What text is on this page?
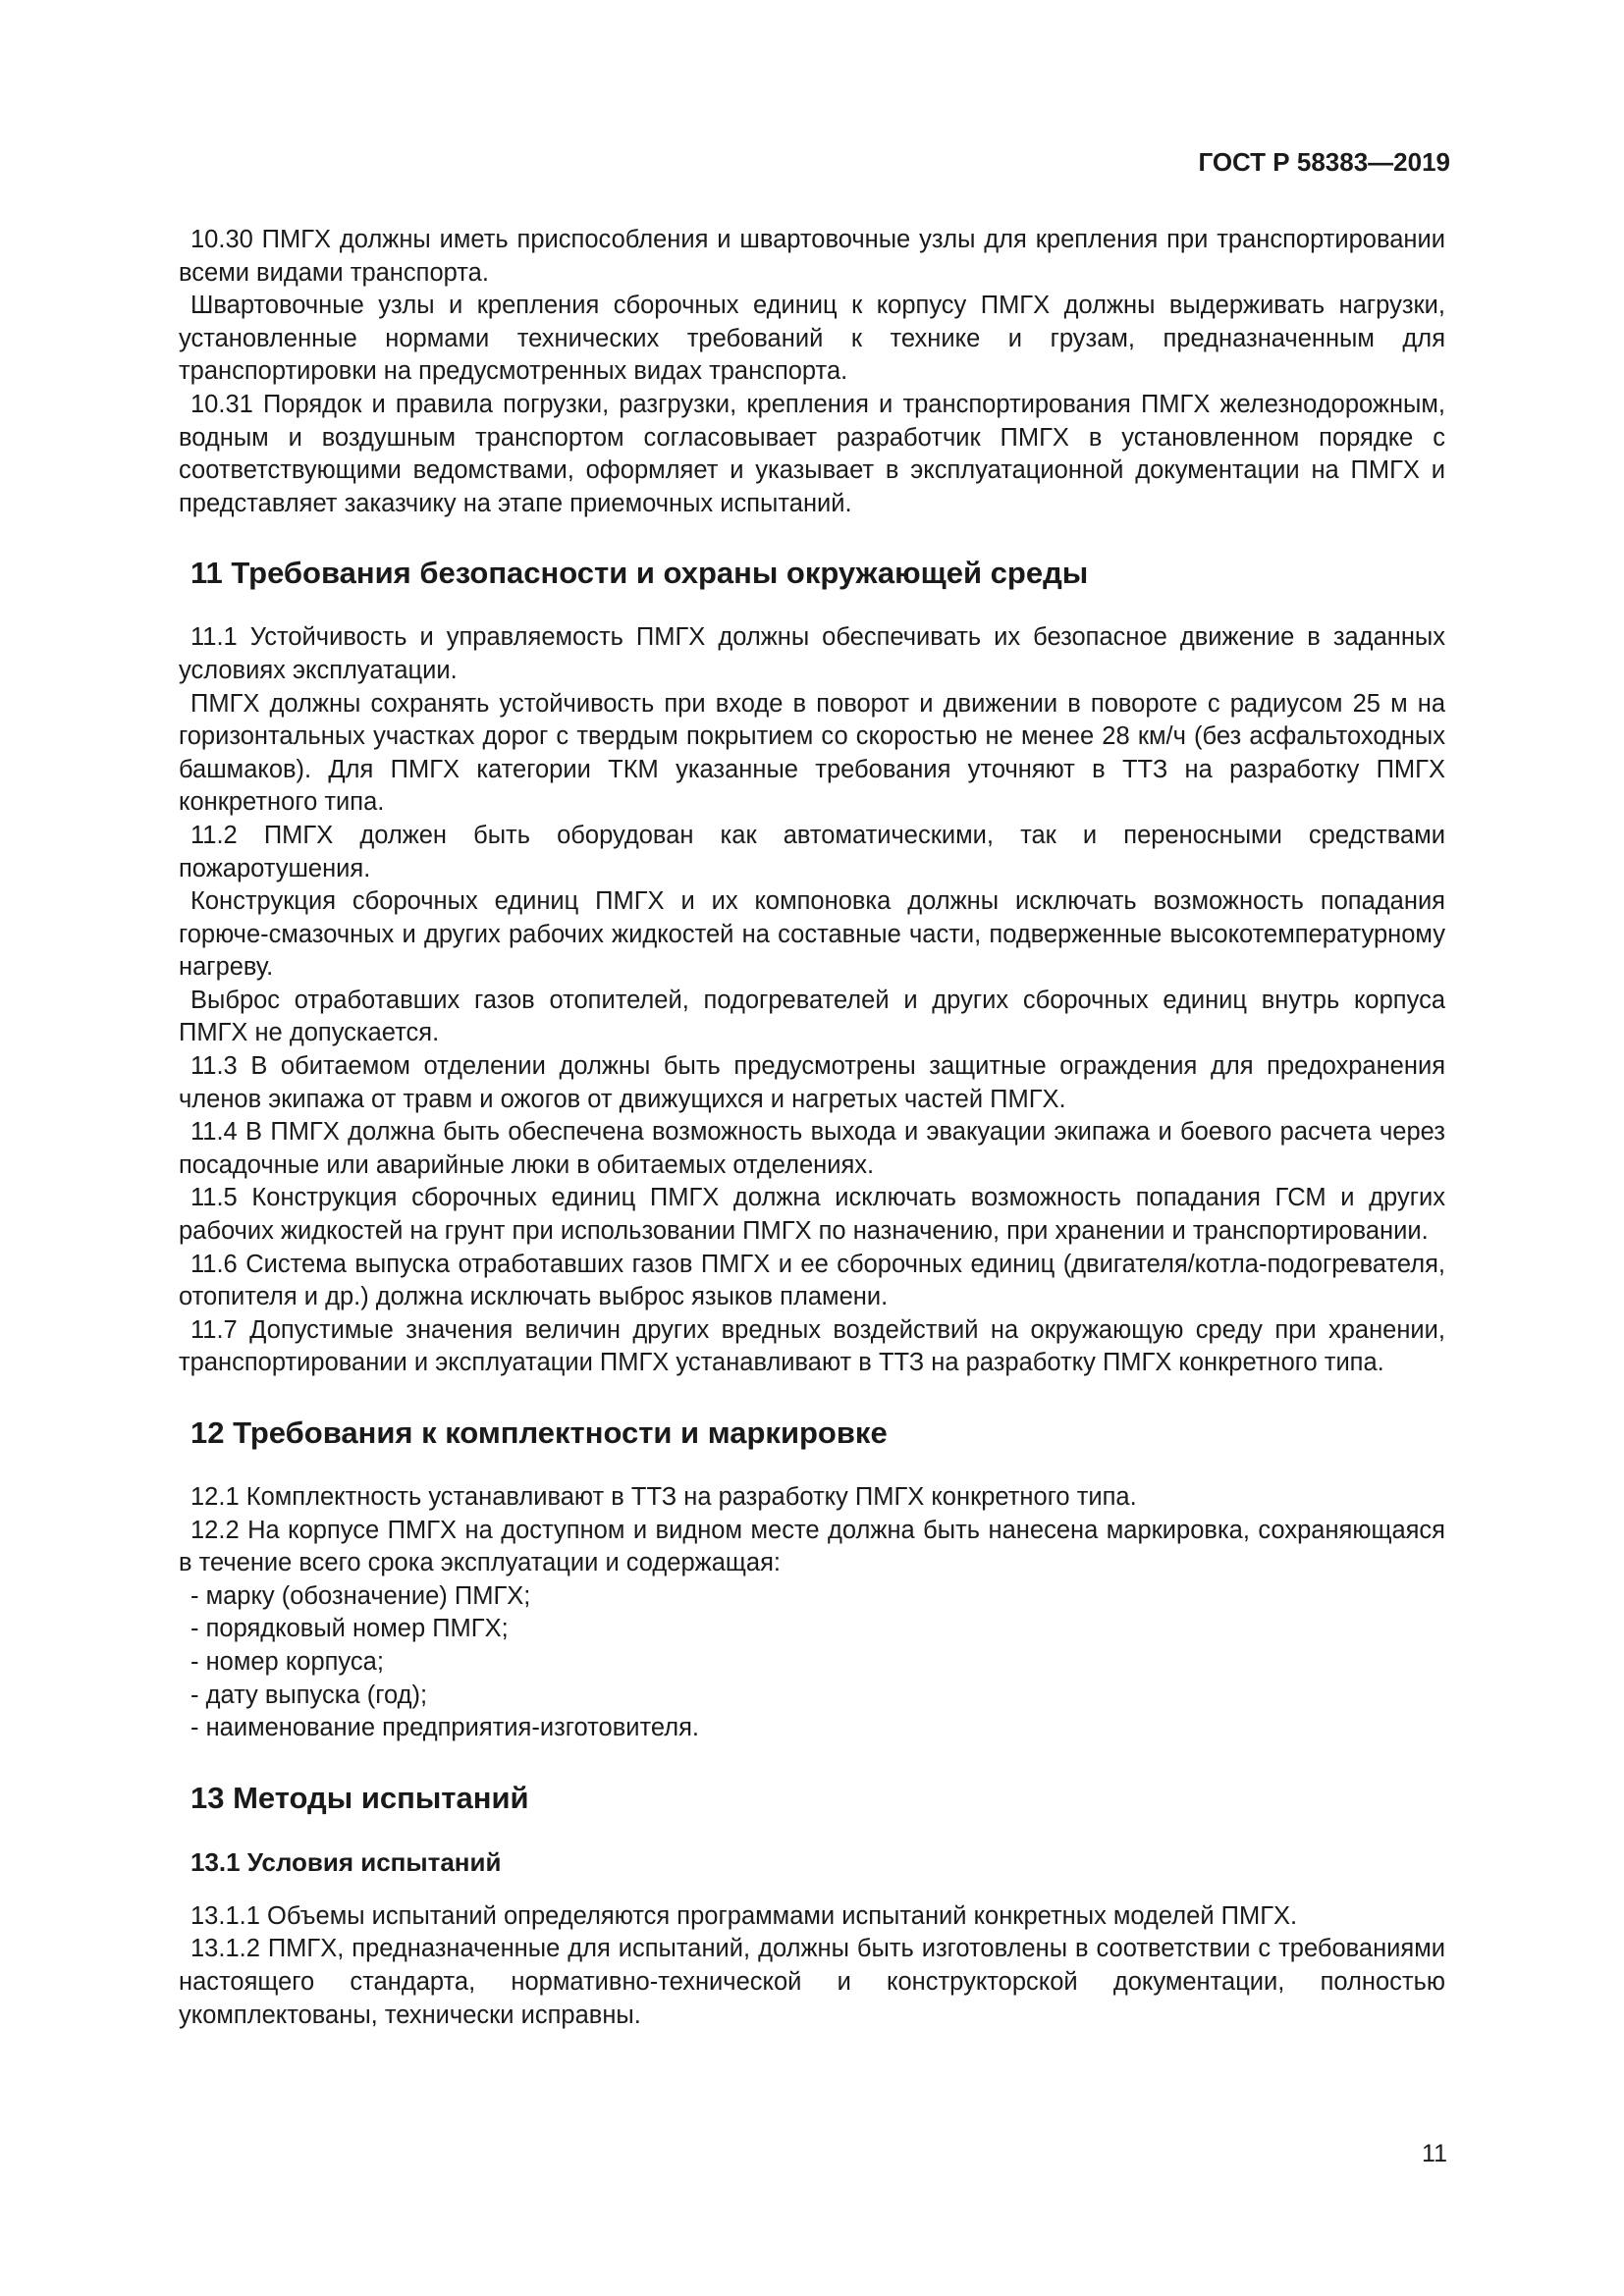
ГОСТ Р 58383—2019

10.30 ПМГХ должны иметь приспособления и швартовочные узлы для крепления при транспортировании всеми видами транспорта.

Швартовочные узлы и крепления сборочных единиц к корпусу ПМГХ должны выдерживать нагрузки, установленные нормами технических требований к технике и грузам, предназначенным для транспортировки на предусмотренных видах транспорта.

10.31 Порядок и правила погрузки, разгрузки, крепления и транспортирования ПМГХ железнодорожным, водным и воздушным транспортом согласовывает разработчик ПМГХ в установленном порядке с соответствующими ведомствами, оформляет и указывает в эксплуатационной документации на ПМГХ и представляет заказчику на этапе приемочных испытаний.

11 Требования безопасности и охраны окружающей среды

11.1 Устойчивость и управляемость ПМГХ должны обеспечивать их безопасное движение в заданных условиях эксплуатации.

ПМГХ должны сохранять устойчивость при входе в поворот и движении в повороте с радиусом 25 м на горизонтальных участках дорог с твердым покрытием со скоростью не менее 28 км/ч (без асфальтоходных башмаков). Для ПМГХ категории ТКМ указанные требования уточняют в ТТЗ на разработку ПМГХ конкретного типа.

11.2 ПМГХ должен быть оборудован как автоматическими, так и переносными средствами пожаротушения.

Конструкция сборочных единиц ПМГХ и их компоновка должны исключать возможность попадания горюче-смазочных и других рабочих жидкостей на составные части, подверженные высокотемпературному нагреву.

Выброс отработавших газов отопителей, подогревателей и других сборочных единиц внутрь корпуса ПМГХ не допускается.

11.3 В обитаемом отделении должны быть предусмотрены защитные ограждения для предохранения членов экипажа от травм и ожогов от движущихся и нагретых частей ПМГХ.

11.4 В ПМГХ должна быть обеспечена возможность выхода и эвакуации экипажа и боевого расчета через посадочные или аварийные люки в обитаемых отделениях.

11.5 Конструкция сборочных единиц ПМГХ должна исключать возможность попадания ГСМ и других рабочих жидкостей на грунт при использовании ПМГХ по назначению, при хранении и транспортировании.

11.6 Система выпуска отработавших газов ПМГХ и ее сборочных единиц (двигателя/котла-подогревателя, отопителя и др.) должна исключать выброс языков пламени.

11.7 Допустимые значения величин других вредных воздействий на окружающую среду при хранении, транспортировании и эксплуатации ПМГХ устанавливают в ТТЗ на разработку ПМГХ конкретного типа.

12 Требования к комплектности и маркировке

12.1 Комплектность устанавливают в ТТЗ на разработку ПМГХ конкретного типа.

12.2 На корпусе ПМГХ на доступном и видном месте должна быть нанесена маркировка, сохраняющаяся в течение всего срока эксплуатации и содержащая:

- марку (обозначение) ПМГХ;
- порядковый номер ПМГХ;
- номер корпуса;
- дату выпуска (год);
- наименование предприятия-изготовителя.
13 Методы испытаний
13.1 Условия испытаний

13.1.1 Объемы испытаний определяются программами испытаний конкретных моделей ПМГХ.

13.1.2 ПМГХ, предназначенные для испытаний, должны быть изготовлены в соответствии с требованиями настоящего стандарта, нормативно-технической и конструкторской документации, полностью укомплектованы, технически исправны.

11
